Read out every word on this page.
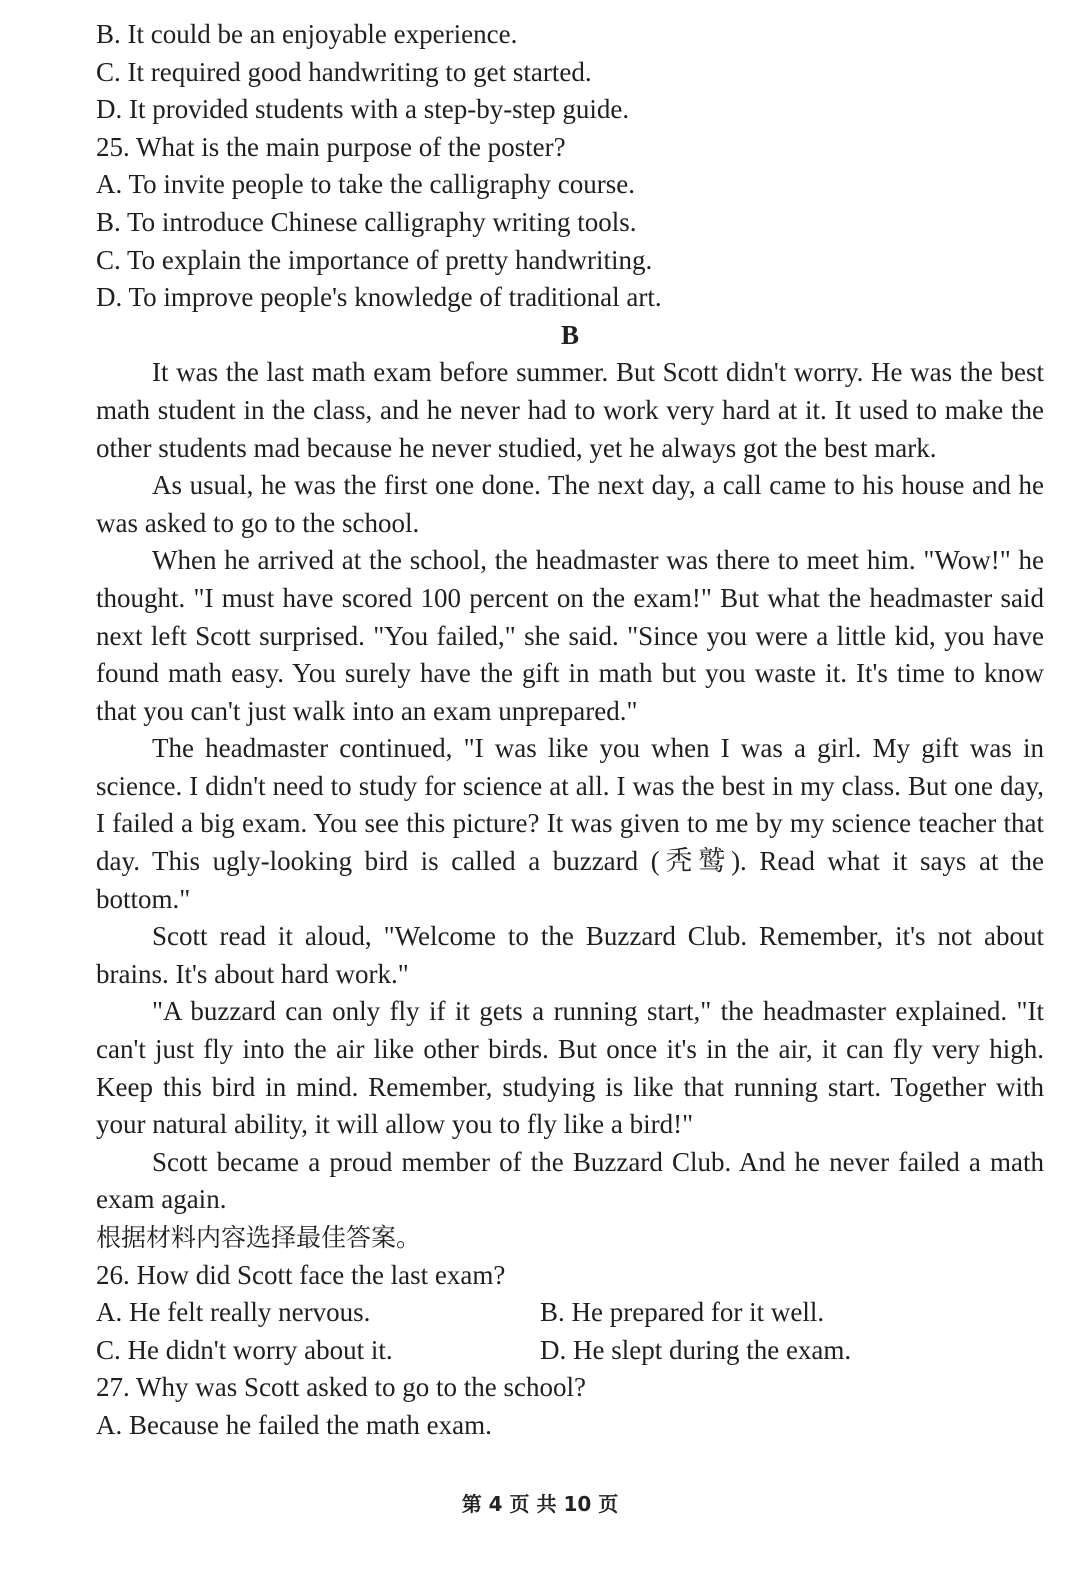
B. It could be an enjoyable experience.

C. It required good handwriting to get started.

D. It provided students with a step-by-step guide.

25. What is the main purpose of the poster?

A. To invite people to take the calligraphy course.

B. To introduce Chinese calligraphy writing tools.

C. To explain the importance of pretty handwriting.

D. To improve people's knowledge of traditional art.

B

It was the last math exam before summer. But Scott didn't worry. He was the best math student in the class, and he never had to work very hard at it. It used to make the other students mad because he never studied, yet he always got the best mark.

As usual, he was the first one done. The next day, a call came to his house and he was asked to go to the school.

When he arrived at the school, the headmaster was there to meet him. "Wow!" he thought. "I must have scored 100 percent on the exam!" But what the headmaster said next left Scott surprised. "You failed," she said. "Since you were a little kid, you have found math easy. You surely have the gift in math but you waste it. It's time to know that you can't just walk into an exam unprepared."

The headmaster continued, "I was like you when I was a girl. My gift was in science. I didn't need to study for science at all. I was the best in my class. But one day, I failed a big exam. You see this picture? It was given to me by my science teacher that day. This ugly-looking bird is called a buzzard (秃鹫). Read what it says at the bottom."

Scott read it aloud, "Welcome to the Buzzard Club. Remember, it's not about brains. It's about hard work."

"A buzzard can only fly if it gets a running start," the headmaster explained. "It can't just fly into the air like other birds. But once it's in the air, it can fly very high. Keep this bird in mind. Remember, studying is like that running start. Together with your natural ability, it will allow you to fly like a bird!"

Scott became a proud member of the Buzzard Club. And he never failed a math exam again.

根据材料内容选择最佳答案。

26. How did Scott face the last exam?

A. He felt really nervous.	B. He prepared for it well.
C. He didn't worry about it.	D. He slept during the exam.

27. Why was Scott asked to go to the school?

A. Because he failed the math exam.

第 4 页 共 10 页
